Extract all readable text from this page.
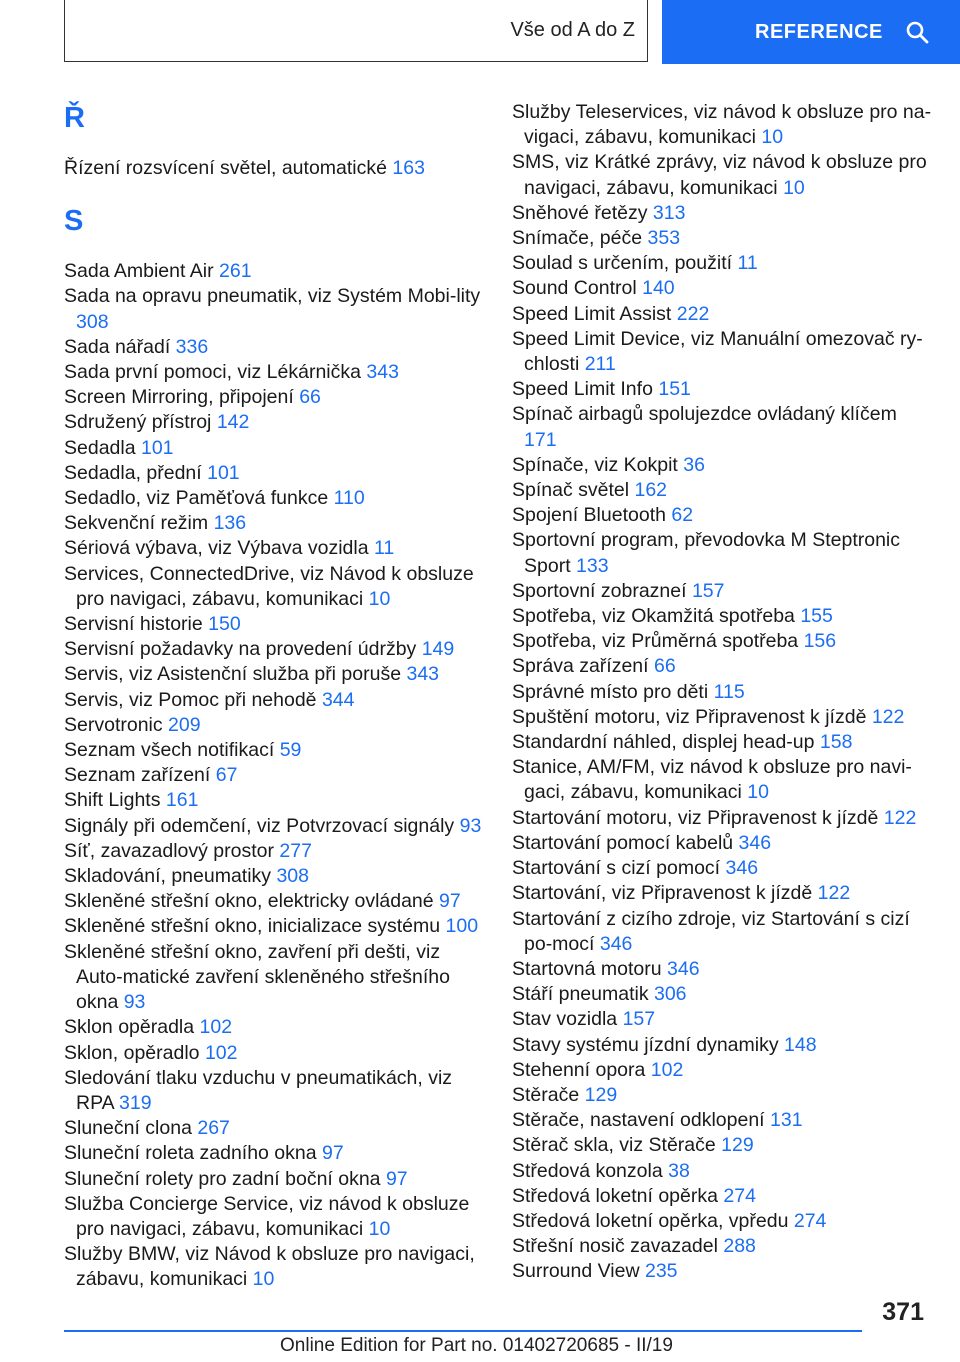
Vše od A do Z	REFERENCE
Ř

Řízení rozsvícení světel, automatické 163

S

Sada Ambient Air 261

Sada na opravu pneumatik, viz Systém Mobi-lity 308

Sada nářadí 336

Sada první pomoci, viz Lékárnička 343

Screen Mirroring, připojení 66

Sdružený přístroj 142

Sedadla 101

Sedadla, přední 101

Sedadlo, viz Paměťová funkce 110

Sekvenční režim 136

Sériová výbava, viz Výbava vozidla 11

Services, ConnectedDrive, viz Návod k obsluze pro navigaci, zábavu, komunikaci 10

Servisní historie 150

Servisní požadavky na provedení údržby 149

Servis, viz Asistenční služba při poruše 343

Servis, viz Pomoc při nehodě 344

Servotronic 209

Seznam všech notifikací 59

Seznam zařízení 67

Shift Lights 161

Signály při odemčení, viz Potvrzovací signály 93

Síť, zavazadlový prostor 277

Skladování, pneumatiky 308

Skleněné střešní okno, elektricky ovládané 97

Skleněné střešní okno, inicializace systému 100

Skleněné střešní okno, zavření při dešti, viz Auto-matické zavření skleněného střešního okna 93

Sklon opěradla 102

Sklon, opěradlo 102

Sledování tlaku vzduchu v pneumatikách, viz RPA 319

Sluneční clona 267

Sluneční roleta zadního okna 97

Sluneční rolety pro zadní boční okna 97

Služba Concierge Service, viz návod k obsluze pro navigaci, zábavu, komunikaci 10

Služby BMW, viz Návod k obsluze pro navigaci, zábavu, komunikaci 10

Služby Teleservices, viz návod k obsluze pro na-vigaci, zábavu, komunikaci 10

SMS, viz Krátké zprávy, viz návod k obsluze pro navigaci, zábavu, komunikaci 10

Sněhové řetězy 313

Snímače, péče 353

Soulad s určením, použití 11

Sound Control 140

Speed Limit Assist 222

Speed Limit Device, viz Manuální omezovač ry-chlosti 211

Speed Limit Info 151

Spínač airbagů spolujezdce ovládaný klíčem 171

Spínače, viz Kokpit 36

Spínač světel 162

Spojení Bluetooth 62

Sportovní program, převodovka M Steptronic Sport 133

Sportovní zobrazneí 157

Spotřeba, viz Okamžitá spotřeba 155

Spotřeba, viz Průměrná spotřeba 156

Správa zařízení 66

Správné místo pro děti 115

Spuštění motoru, viz Připravenost k jízdě 122

Standardní náhled, displej head-up 158

Stanice, AM/FM, viz návod k obsluze pro navi-gaci, zábavu, komunikaci 10

Startování motoru, viz Připravenost k jízdě 122

Startování pomocí kabelů 346

Startování s cizí pomocí 346

Startování, viz Připravenost k jízdě 122

Startování z cizího zdroje, viz Startování s cizí po-mocí 346

Startovná motoru 346

Stáří pneumatik 306

Stav vozidla 157

Stavy systému jízdní dynamiky 148

Stehenní opora 102

Stěrače 129

Stěrače, nastavení odklopení 131

Stěrač skla, viz Stěrače 129

Středová konzola 38

Středová loketní opěrka 274

Středová loketní opěrka, vpředu 274

Střešní nosič zavazadel 288

Surround View 235

371
Online Edition for Part no. 01402720685 - II/19
